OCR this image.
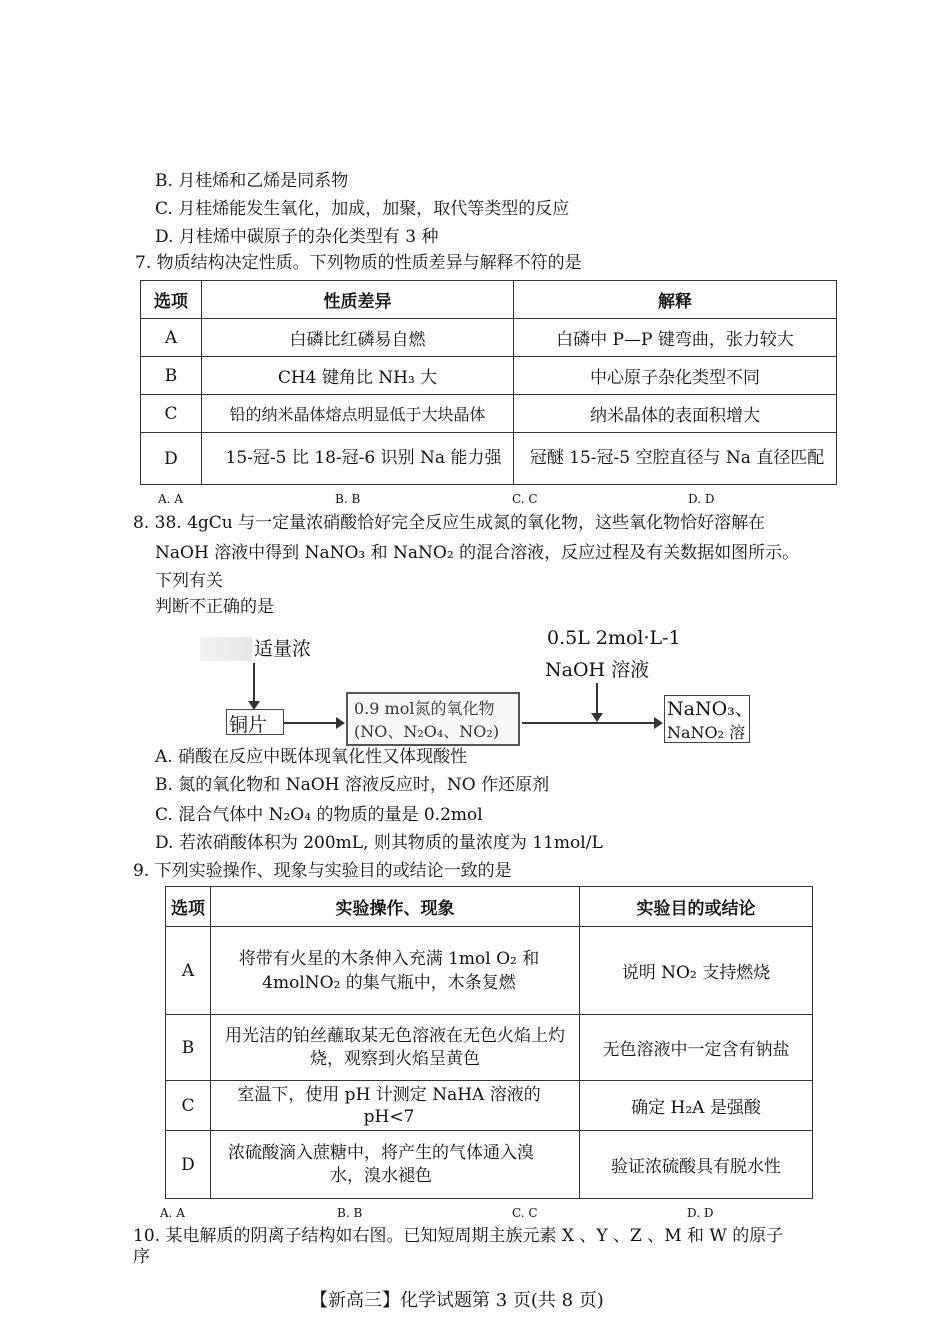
B. 月桂烯和乙烯是同系物
C. 月桂烯能发生氧化，加成，加聚，取代等类型的反应
D. 月桂烯中碳原子的杂化类型有 3 种
7. 物质结构决定性质。下列物质的性质差异与解释不符的是
选项	性质差异	解释
A	白磷比红磷易自燃	白磷中 P—P 键弯曲，张力较大
B	CH4 键角比 NH₃ 大	中心原子杂化类型不同
C	铅的纳米晶体熔点明显低于大块晶体	纳米晶体的表面积增大
D	15-冠-5 比 18-冠-6 识别 Na 能力强	冠醚 15-冠-5 空腔直径与 Na 直径匹配
A. A	B. B	C. C	D. D
8. 38. 4gCu 与一定量浓硝酸恰好完全反应生成氮的氧化物，这些氧化物恰好溶解在
NaOH 溶液中得到 NaNO₃ 和 NaNO₂ 的混合溶液，反应过程及有关数据如图所示。
下列有关
判断不正确的是
适量浓
铜片
0.9 mol氮的氧化物
(NO、N₂O₄、NO₂)
0.5L 2mol·L-1
NaOH 溶液
NaNO₃、
NaNO₂ 溶
A. 硝酸在反应中既体现氧化性又体现酸性
B. 氮的氧化物和 NaOH 溶液反应时，NO 作还原剂
C. 混合气体中 N₂O₄ 的物质的量是 0.2mol
D. 若浓硝酸体积为 200mL, 则其物质的量浓度为 11mol/L
9. 下列实验操作、现象与实验目的或结论一致的是
选项	实验操作、现象	实验目的或结论
A	将带有火星的木条伸入充满 1mol O₂ 和 4molNO₂ 的集气瓶中，木条复燃	说明 NO₂ 支持燃烧
B	用光洁的铂丝蘸取某无色溶液在无色火焰上灼烧，观察到火焰呈黄色	无色溶液中一定含有钠盐
C	室温下，使用 pH 计测定 NaHA 溶液的 pH<7	确定 H₂A 是强酸
D	浓硫酸滴入蔗糖中，将产生的气体通入溴水，溴水褪色	验证浓硫酸具有脱水性
A. A	B. B	C. C	D. D
10. 某电解质的阴离子结构如右图。已知短周期主族元素 X 、Y 、Z 、M 和 W 的原子
序
【新高三】化学试题第 3 页(共 8 页)
